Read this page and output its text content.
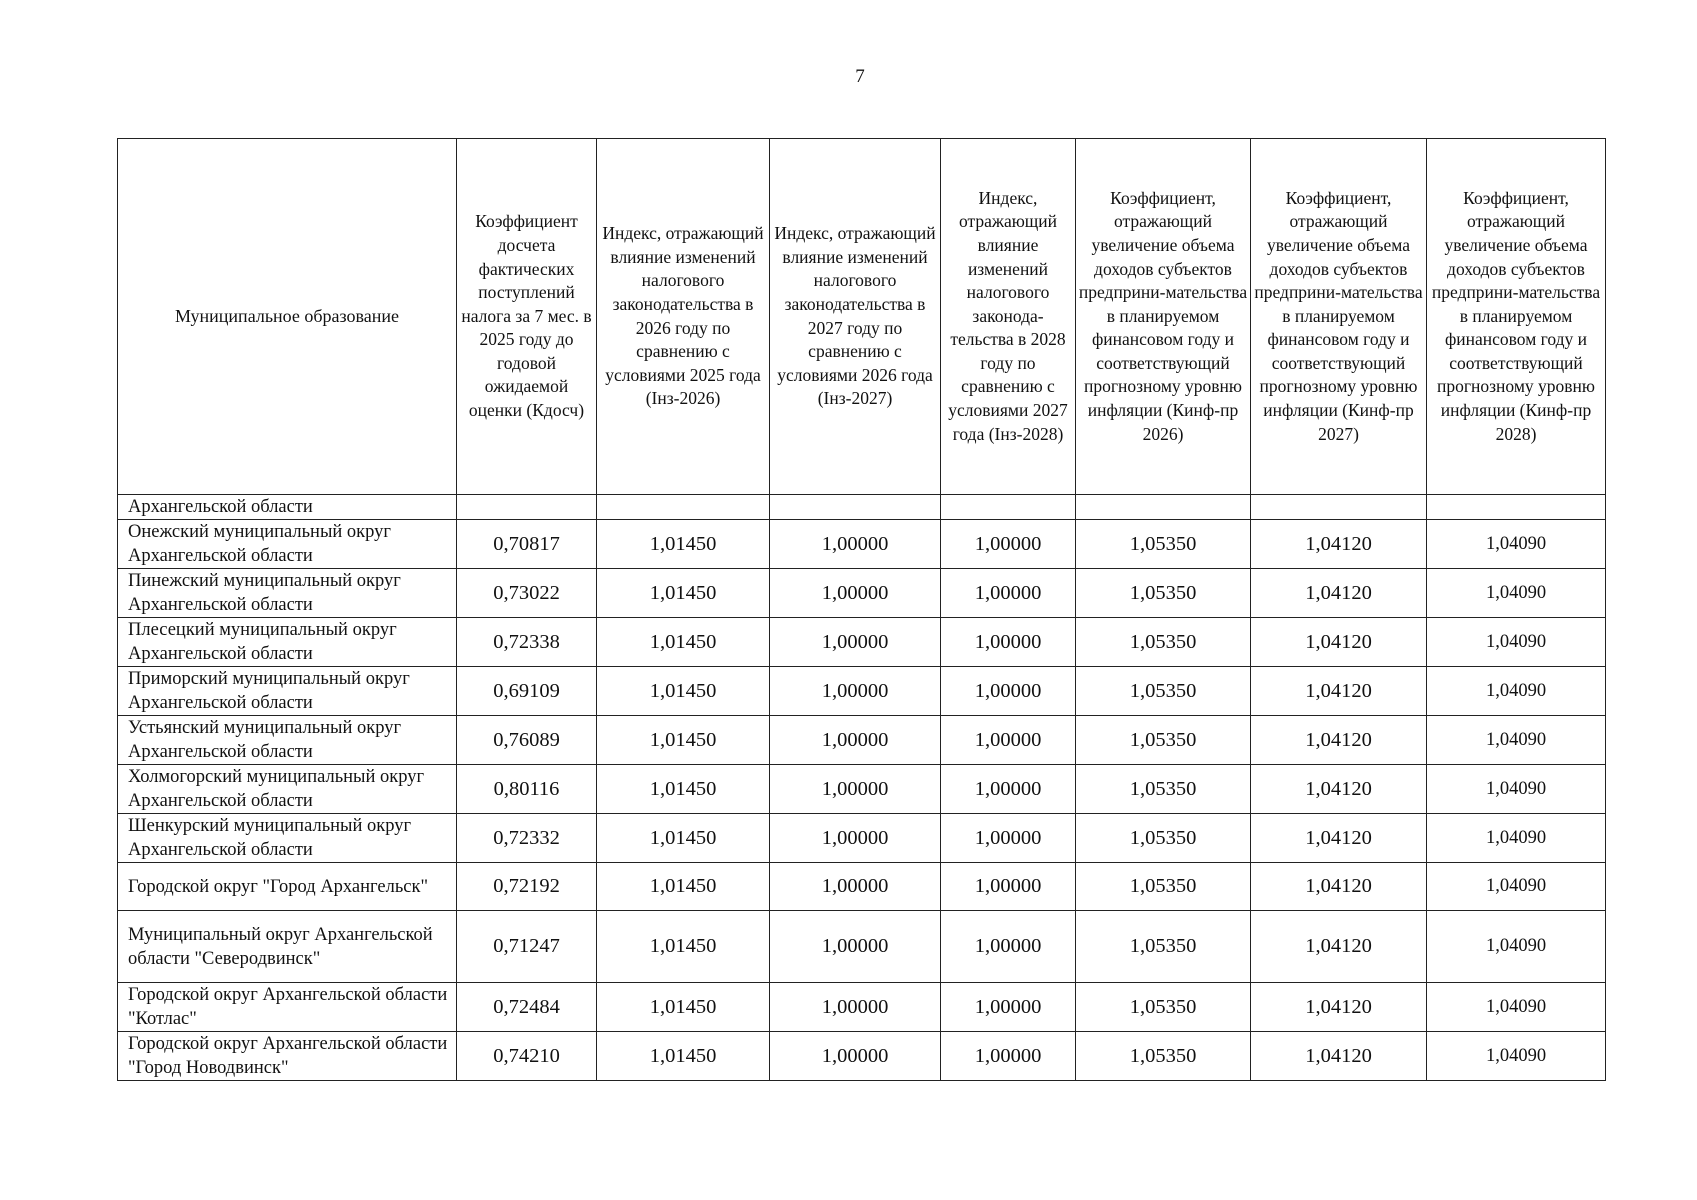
7
Муниципальное образование	Коэффициент досчета фактических поступлений налога за 7 мес. в 2025 году до годовой ожидаемой оценки (Кдосч)	Индекс, отражающий влияние изменений налогового законодательства в 2026 году по сравнению с условиями 2025 года (Iнз-2026)	Индекс, отражающий влияние изменений налогового законодательства в 2027 году по сравнению с условиями 2026 года (Iнз-2027)	Индекс, отражающий влияние изменений налогового законода-тельства в 2028 году по сравнению с условиями 2027 года (Iнз-2028)	Коэффициент, отражающий увеличение объема доходов субъектов предприни-мательства в планируемом финансовом году и соответствующий прогнозному уровню инфляции (Кинф-пр 2026)	Коэффициент, отражающий увеличение объема доходов субъектов предприни-мательства в планируемом финансовом году и соответствующий прогнозному уровню инфляции (Кинф-пр 2027)	Коэффициент, отражающий увеличение объема доходов субъектов предприни-мательства в планируемом финансовом году и соответствующий прогнозному уровню инфляции (Кинф-пр 2028)
Архангельской области							
Онежский муниципальный округ Архангельской области	0,70817	1,01450	1,00000	1,00000	1,05350	1,04120	1,04090
Пинежский муниципальный округ Архангельской области	0,73022	1,01450	1,00000	1,00000	1,05350	1,04120	1,04090
Плесецкий муниципальный округ Архангельской области	0,72338	1,01450	1,00000	1,00000	1,05350	1,04120	1,04090
Приморский муниципальный округ Архангельской области	0,69109	1,01450	1,00000	1,00000	1,05350	1,04120	1,04090
Устьянский муниципальный округ Архангельской области	0,76089	1,01450	1,00000	1,00000	1,05350	1,04120	1,04090
Холмогорский муниципальный округ Архангельской области	0,80116	1,01450	1,00000	1,00000	1,05350	1,04120	1,04090
Шенкурский муниципальный округ Архангельской области	0,72332	1,01450	1,00000	1,00000	1,05350	1,04120	1,04090
Городской округ "Город Архангельск"	0,72192	1,01450	1,00000	1,00000	1,05350	1,04120	1,04090
Муниципальный округ Архангельской области "Северодвинск"	0,71247	1,01450	1,00000	1,00000	1,05350	1,04120	1,04090
Городской округ Архангельской области "Котлас"	0,72484	1,01450	1,00000	1,00000	1,05350	1,04120	1,04090
Городской округ Архангельской области "Город Новодвинск"	0,74210	1,01450	1,00000	1,00000	1,05350	1,04120	1,04090
